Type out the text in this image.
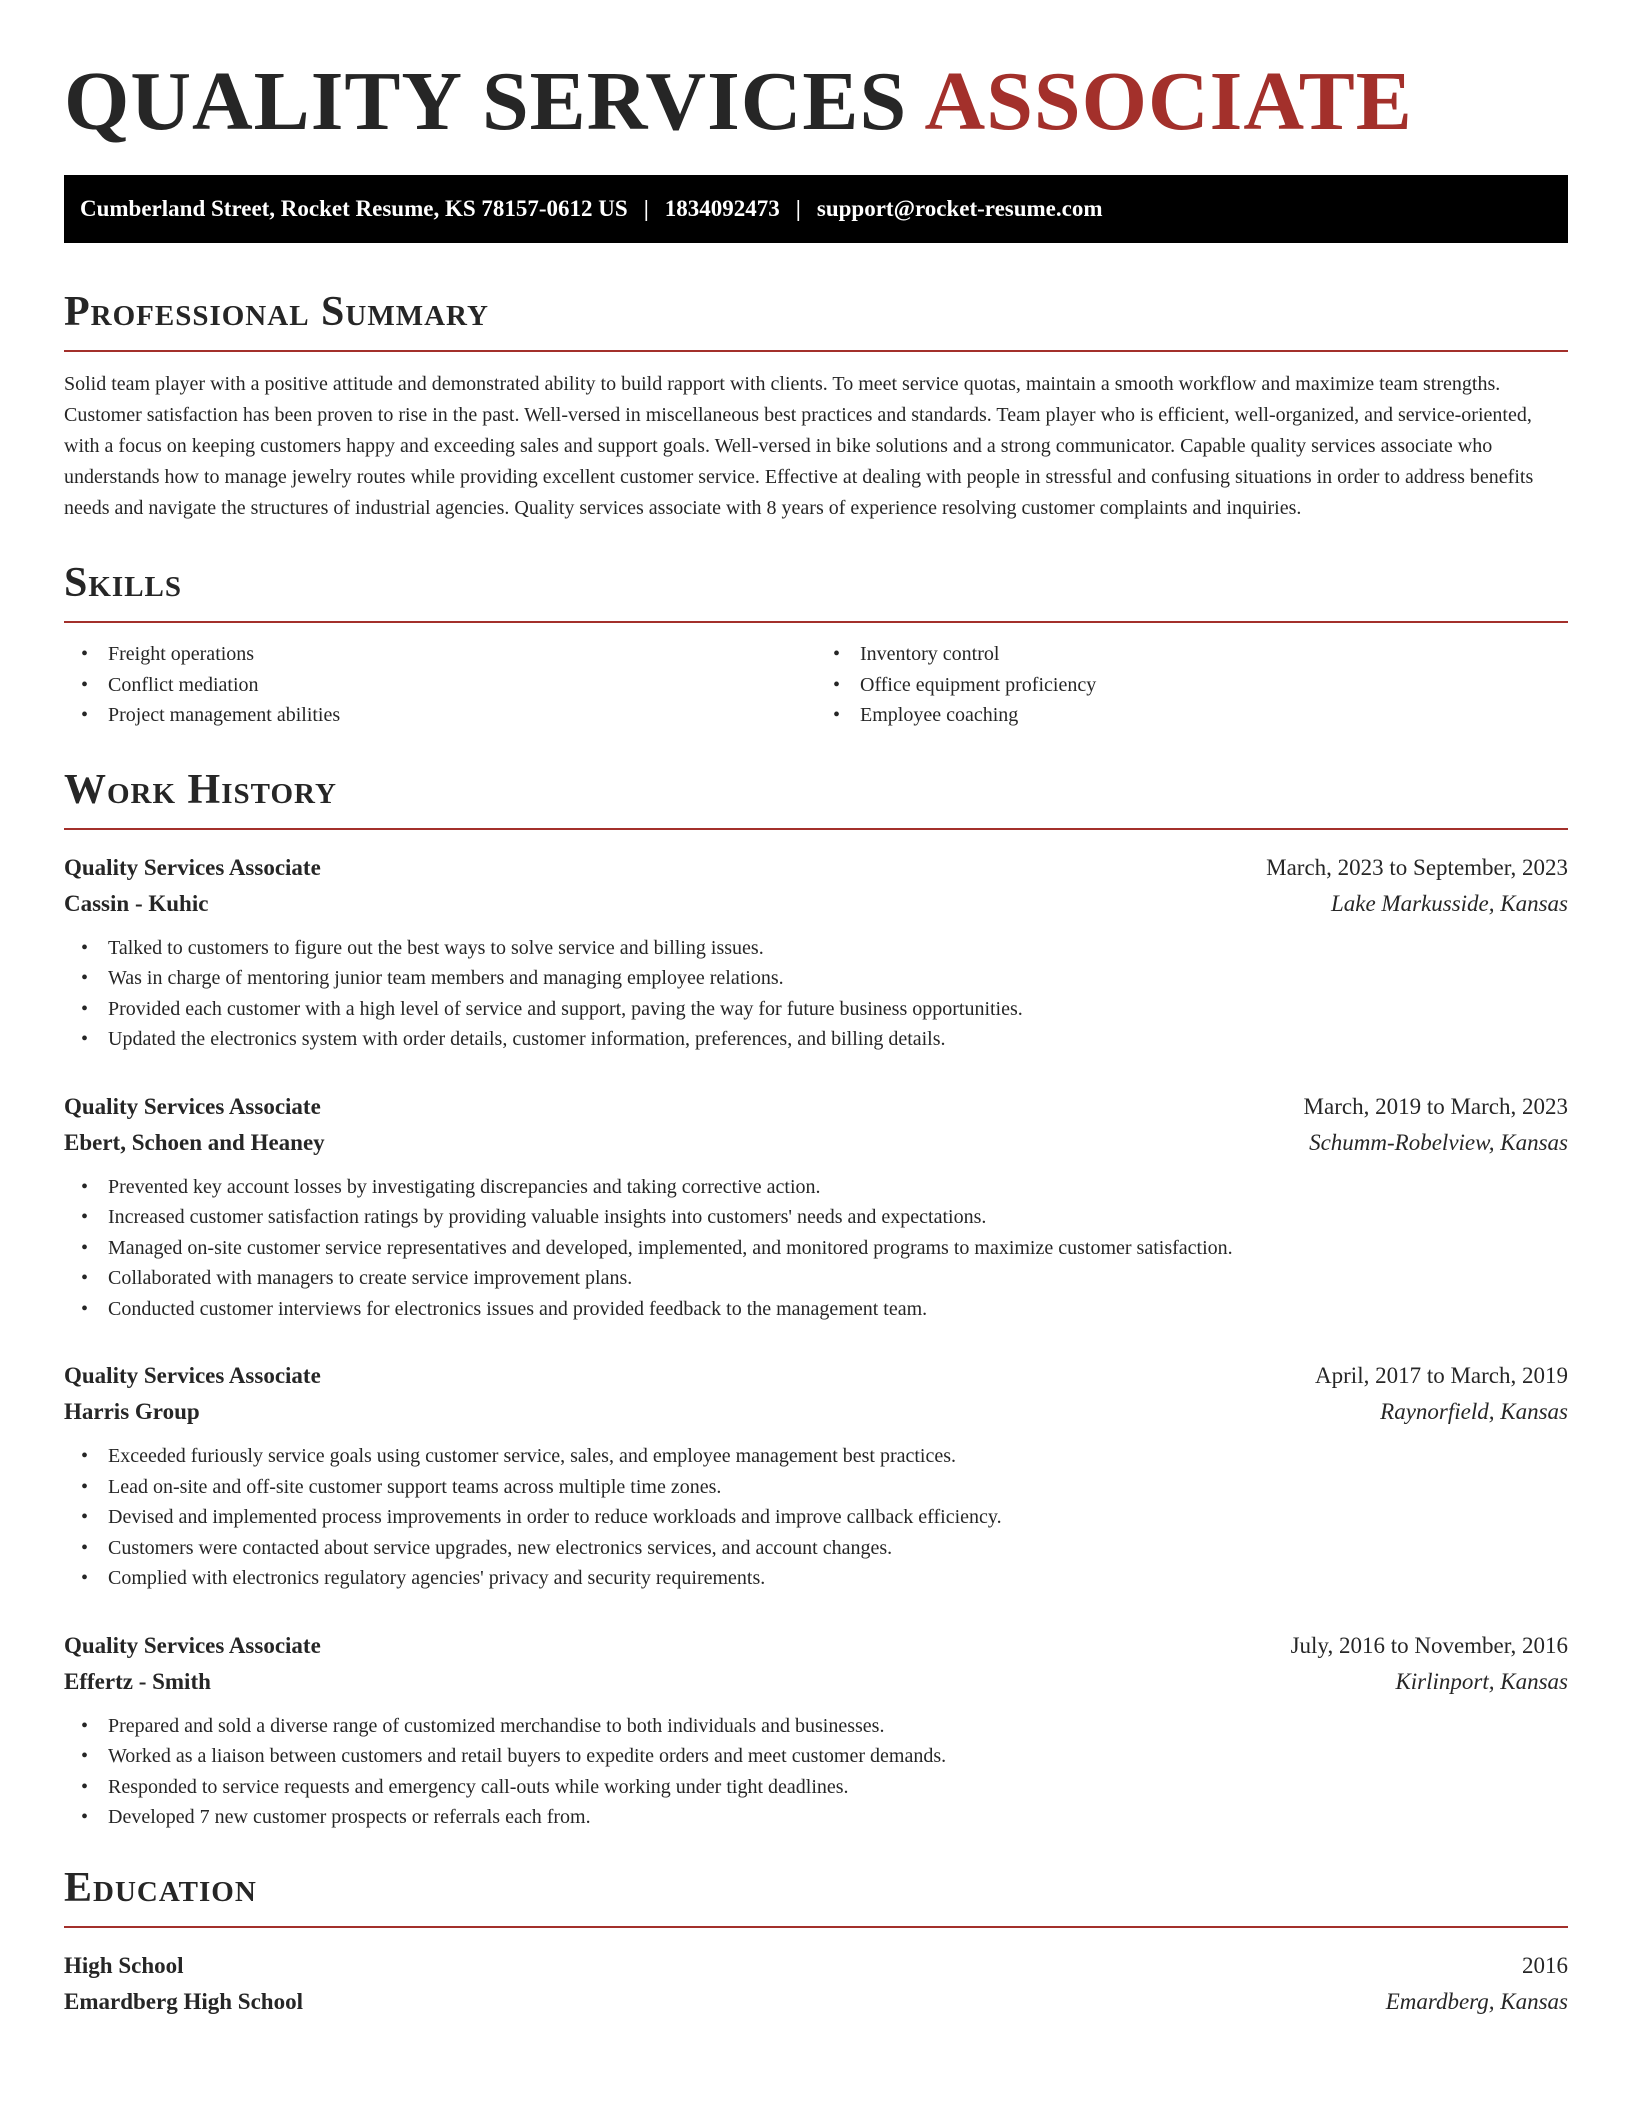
QUALITY SERVICES ASSOCIATE
Cumberland Street, Rocket Resume, KS 78157-0612 US | 1834092473 | support@rocket-resume.com
Professional Summary

Solid team player with a positive attitude and demonstrated ability to build rapport with clients. To meet service quotas, maintain a smooth workflow and maximize team strengths. Customer satisfaction has been proven to rise in the past. Well-versed in miscellaneous best practices and standards. Team player who is efficient, well-organized, and service-oriented, with a focus on keeping customers happy and exceeding sales and support goals. Well-versed in bike solutions and a strong communicator. Capable quality services associate who understands how to manage jewelry routes while providing excellent customer service. Effective at dealing with people in stressful and confusing situations in order to address benefits needs and navigate the structures of industrial agencies. Quality services associate with 8 years of experience resolving customer complaints and inquiries.

Skills
• Freight operations
• Conflict mediation
• Project management abilities
• Inventory control
• Office equipment proficiency
• Employee coaching
Work History
Quality Services Associate	March, 2023 to September, 2023
Cassin - Kuhic	Lake Markusside, Kansas
• Talked to customers to figure out the best ways to solve service and billing issues.
• Was in charge of mentoring junior team members and managing employee relations.
• Provided each customer with a high level of service and support, paving the way for future business opportunities.
• Updated the electronics system with order details, customer information, preferences, and billing details.
Quality Services Associate	March, 2019 to March, 2023
Ebert, Schoen and Heaney	Schumm-Robelview, Kansas
• Prevented key account losses by investigating discrepancies and taking corrective action.
• Increased customer satisfaction ratings by providing valuable insights into customers' needs and expectations.
• Managed on-site customer service representatives and developed, implemented, and monitored programs to maximize customer satisfaction.
• Collaborated with managers to create service improvement plans.
• Conducted customer interviews for electronics issues and provided feedback to the management team.
Quality Services Associate	April, 2017 to March, 2019
Harris Group	Raynorfield, Kansas
• Exceeded furiously service goals using customer service, sales, and employee management best practices.
• Lead on-site and off-site customer support teams across multiple time zones.
• Devised and implemented process improvements in order to reduce workloads and improve callback efficiency.
• Customers were contacted about service upgrades, new electronics services, and account changes.
• Complied with electronics regulatory agencies' privacy and security requirements.
Quality Services Associate	July, 2016 to November, 2016
Effertz - Smith	Kirlinport, Kansas
• Prepared and sold a diverse range of customized merchandise to both individuals and businesses.
• Worked as a liaison between customers and retail buyers to expedite orders and meet customer demands.
• Responded to service requests and emergency call-outs while working under tight deadlines.
• Developed 7 new customer prospects or referrals each from.
Education
High School	2016
Emardberg High School	Emardberg, Kansas
